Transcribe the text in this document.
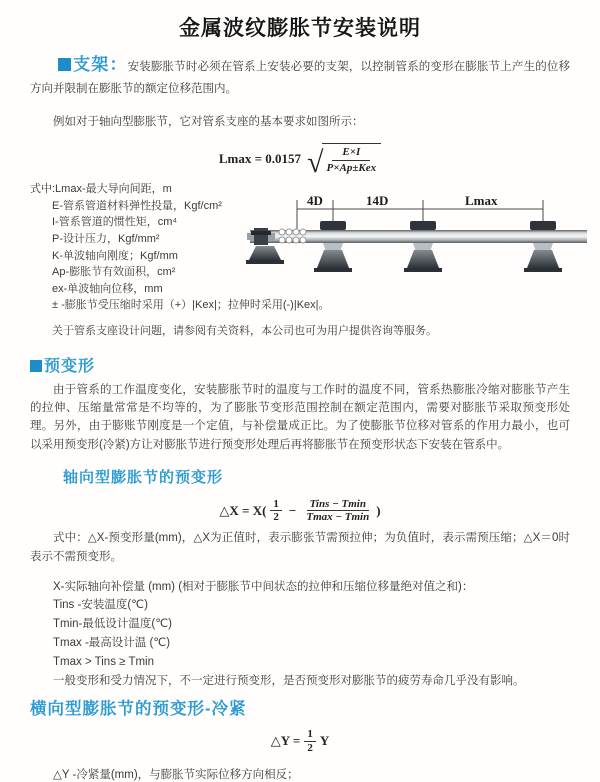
金属波纹膨胀节安装说明

支架：安装膨胀节时必须在管系上安装必要的支架，以控制管系的变形在膨胀节上产生的位移方向并限制在膨胀节的额定位移范围内。

例如对于轴向型膨胀节，它对管系支座的基本要求如图所示：

Lmax = 0.0157 √
$\frac{E\times I}{\text{P×Ap±Kex}}$
式中:Lmax-最大导向间距，m
E-管系管道材料弹性投量，Kgf/cm²
I-管系管道的惯性矩，cm⁴
P-设计压力，Kgf/mm²
K-单波轴向刚度；Kgf/mm
Ap-膨胀节有效面积，cm²
ex-单波轴向位移，mm
± -膨胀节受压缩时采用（+）|Kex|；拉伸时采用(-)|Kex|。
关于管系支座设计问题，请参阅有关资料，本公司也可为用户提供咨询等服务。
预变形

由于管系的工作温度变化，安装膨胀节时的温度与工作时的温度不同，管系热膨胀冷缩对膨胀节产生的拉伸、压缩量常常是不均等的，为了膨胀节变形范围控制在额定范围内，需要对膨胀节采取预变形处理。另外，由于膨账节刚度是一个定值，与补偿量成正比。为了使膨胀节位移对管系的作用力最小，也可以采用预变形(冷紧)方让对膨胀节进行预变形处理后再将膨胀节在预变形状态下安装在管系中。

轴向型膨胀节的预变形
△X = $X( \frac{1}{2} - \frac{\text{Tins − Tmin}}{Tmax - Tmin}$ )

式中：△X-预变形量(mm)，△X为正值时，表示膨张节需预拉伸；为负值时，表示需预压缩；△X＝0时表示不需预变形。

X-实际轴向补偿量 (mm) (相对于膨胀节中间状态的拉伸和压缩位移量绝对值之和)：
Tins -安装温度(℃)
Tmin-最低设计温度(℃)
Tmax -最高设计温 (℃)
Tmax > Tins ≥ Tmin
一般变形和受力情况下，不一定进行预变形，是否预变形对膨胀节的疲劳寿命几乎没有影响。
横向型膨胀节的预变形-冷紧
△Y = $\frac{1}{2}$ Y
△Y -冷紧量(mm)，与膨胀节实际位移方向相反；
4D	14D	Lmax
